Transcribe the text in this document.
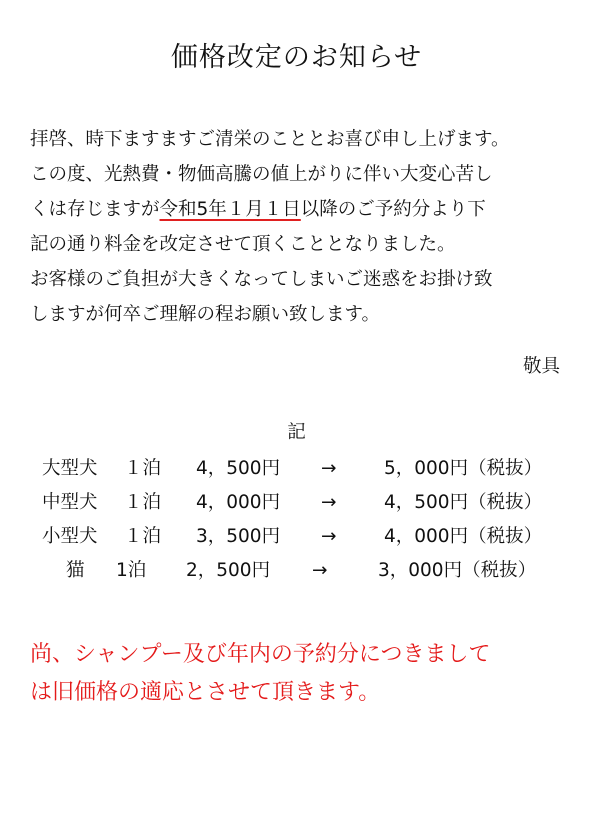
価格改定のお知らせ
拝啓、時下ますますご清栄のこととお喜び申し上げます。
この度、光熱費・物価高騰の値上がりに伴い大変心苦し
くは存じますが令和5年１月１日以降のご予約分より下
記の通り料金を改定させて頂くこととなりました。
お客様のご負担が大きくなってしまいご迷惑をお掛け致
しますが何卒ご理解の程お願い致します。
敬具
記
大型犬 １泊 4，500円 →	5，000円（税抜）
中型犬 １泊 4，000円 →	4，500円（税抜）
小型犬 １泊 3，500円 →	4，000円（税抜）
猫 1泊 2，500円 →	3，000円（税抜）
尚、シャンプー及び年内の予約分につきまして
は旧価格の適応とさせて頂きます。
